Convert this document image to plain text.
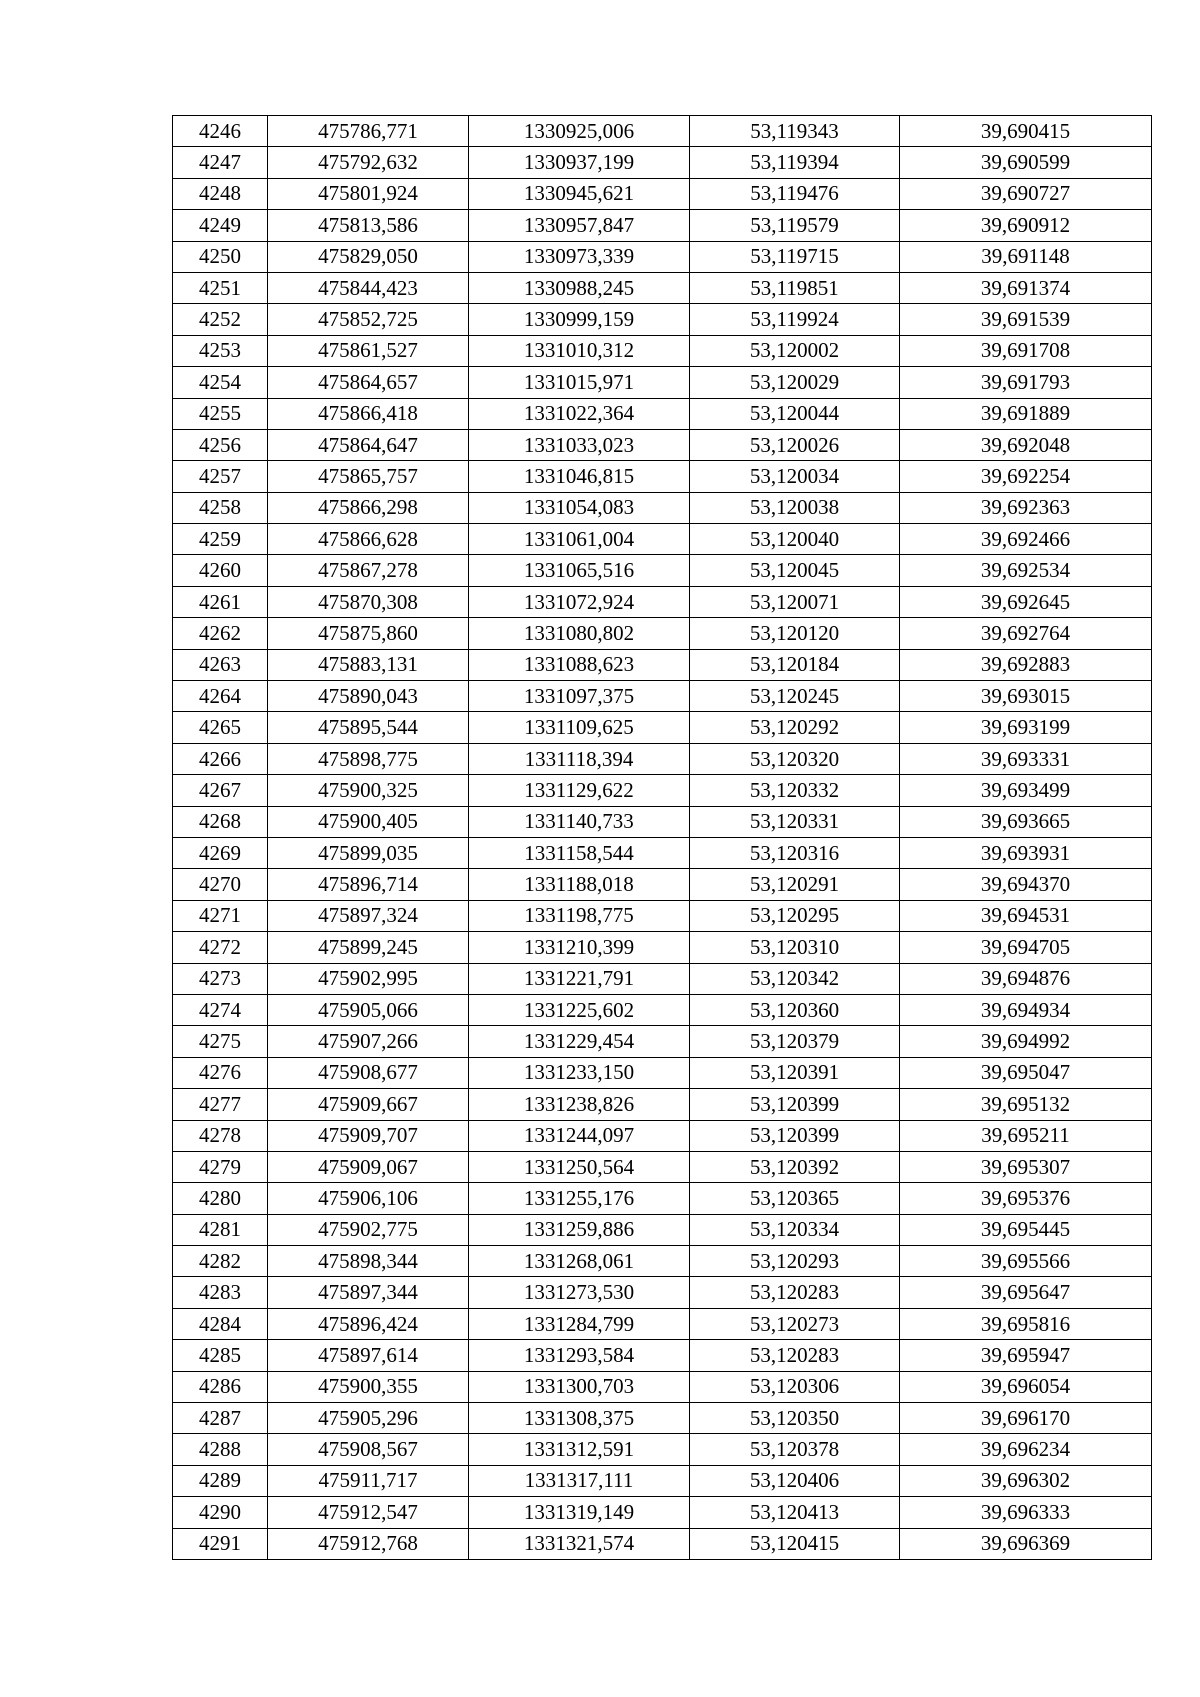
4246	475786,771	1330925,006	53,119343	39,690415
4247	475792,632	1330937,199	53,119394	39,690599
4248	475801,924	1330945,621	53,119476	39,690727
4249	475813,586	1330957,847	53,119579	39,690912
4250	475829,050	1330973,339	53,119715	39,691148
4251	475844,423	1330988,245	53,119851	39,691374
4252	475852,725	1330999,159	53,119924	39,691539
4253	475861,527	1331010,312	53,120002	39,691708
4254	475864,657	1331015,971	53,120029	39,691793
4255	475866,418	1331022,364	53,120044	39,691889
4256	475864,647	1331033,023	53,120026	39,692048
4257	475865,757	1331046,815	53,120034	39,692254
4258	475866,298	1331054,083	53,120038	39,692363
4259	475866,628	1331061,004	53,120040	39,692466
4260	475867,278	1331065,516	53,120045	39,692534
4261	475870,308	1331072,924	53,120071	39,692645
4262	475875,860	1331080,802	53,120120	39,692764
4263	475883,131	1331088,623	53,120184	39,692883
4264	475890,043	1331097,375	53,120245	39,693015
4265	475895,544	1331109,625	53,120292	39,693199
4266	475898,775	1331118,394	53,120320	39,693331
4267	475900,325	1331129,622	53,120332	39,693499
4268	475900,405	1331140,733	53,120331	39,693665
4269	475899,035	1331158,544	53,120316	39,693931
4270	475896,714	1331188,018	53,120291	39,694370
4271	475897,324	1331198,775	53,120295	39,694531
4272	475899,245	1331210,399	53,120310	39,694705
4273	475902,995	1331221,791	53,120342	39,694876
4274	475905,066	1331225,602	53,120360	39,694934
4275	475907,266	1331229,454	53,120379	39,694992
4276	475908,677	1331233,150	53,120391	39,695047
4277	475909,667	1331238,826	53,120399	39,695132
4278	475909,707	1331244,097	53,120399	39,695211
4279	475909,067	1331250,564	53,120392	39,695307
4280	475906,106	1331255,176	53,120365	39,695376
4281	475902,775	1331259,886	53,120334	39,695445
4282	475898,344	1331268,061	53,120293	39,695566
4283	475897,344	1331273,530	53,120283	39,695647
4284	475896,424	1331284,799	53,120273	39,695816
4285	475897,614	1331293,584	53,120283	39,695947
4286	475900,355	1331300,703	53,120306	39,696054
4287	475905,296	1331308,375	53,120350	39,696170
4288	475908,567	1331312,591	53,120378	39,696234
4289	475911,717	1331317,111	53,120406	39,696302
4290	475912,547	1331319,149	53,120413	39,696333
4291	475912,768	1331321,574	53,120415	39,696369
